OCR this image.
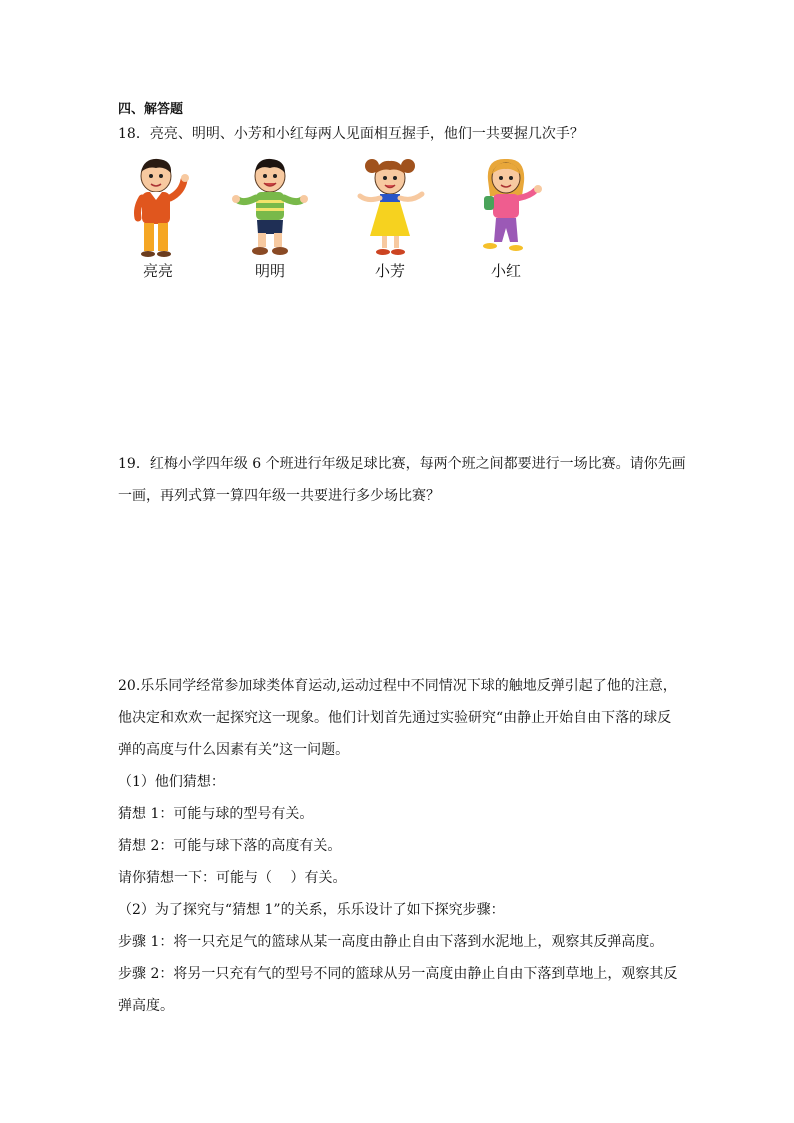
四、解答题
18．亮亮、明明、小芳和小红每两人见面相互握手，他们一共要握几次手？
亮亮	明明	小芳	小红
19．红梅小学四年级 6 个班进行年级足球比赛，每两个班之间都要进行一场比赛。请你先画
一画，再列式算一算四年级一共要进行多少场比赛？
20.乐乐同学经常参加球类体育运动,运动过程中不同情况下球的触地反弹引起了他的注意，
他决定和欢欢一起探究这一现象。他们计划首先通过实验研究“由静止开始自由下落的球反
弹的高度与什么因素有关”这一问题。
（1）他们猜想：
猜想 1：可能与球的型号有关。
猜想 2：可能与球下落的高度有关。
请你猜想一下：可能与（　 ）有关。
（2）为了探究与“猜想 1”的关系，乐乐设计了如下探究步骤：
步骤 1：将一只充足气的篮球从某一高度由静止自由下落到水泥地上，观察其反弹高度。
步骤 2：将另一只充有气的型号不同的篮球从另一高度由静止自由下落到草地上，观察其反
弹高度。
